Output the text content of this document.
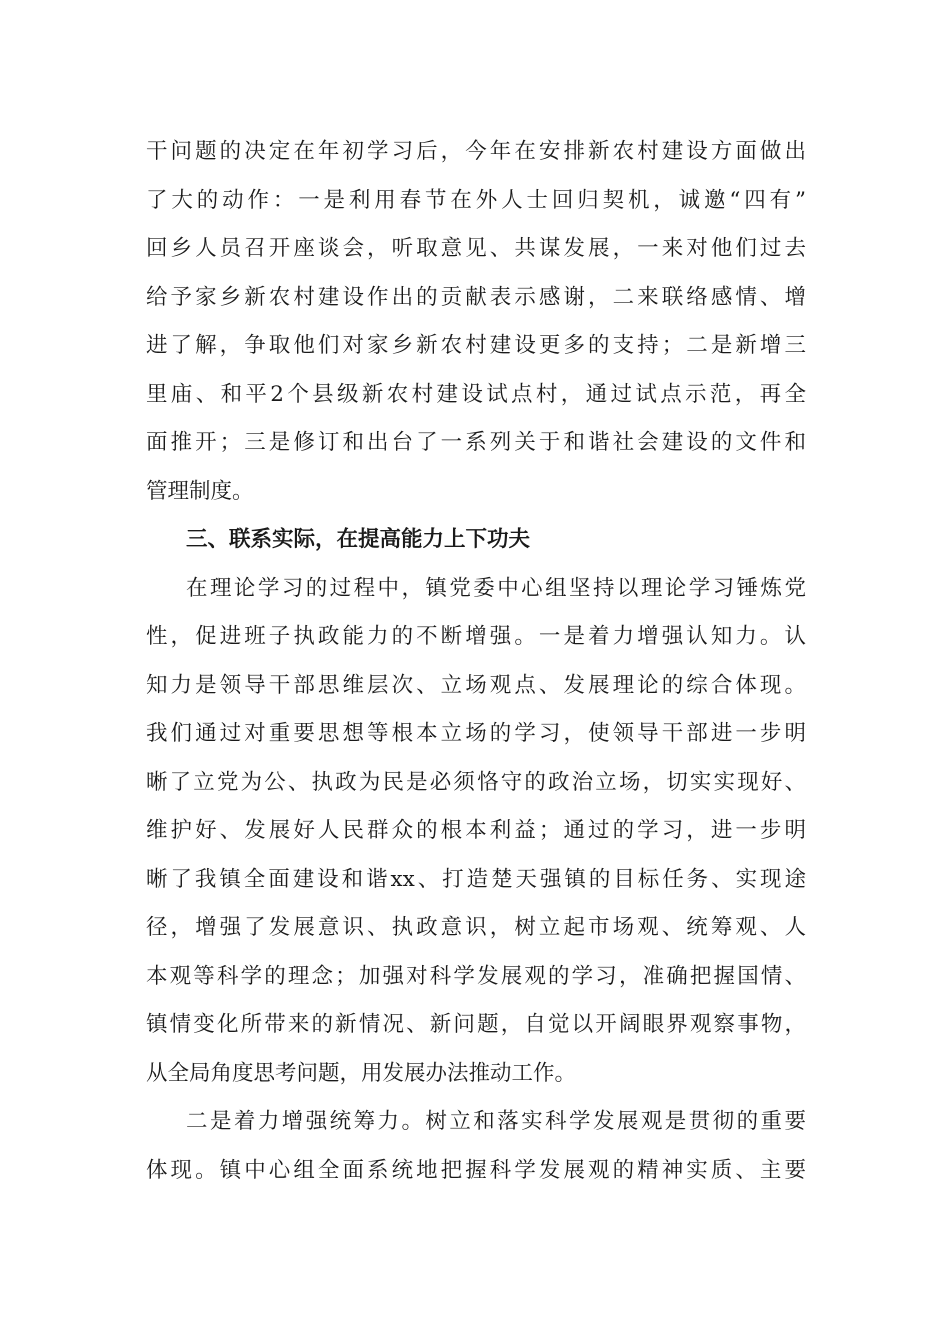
干问题的决定在年初学习后，今年在安排新农村建设方面做出
了大的动作：一是利用春节在外人士回归契机，诚邀“四有”
回乡人员召开座谈会，听取意见、共谋发展，一来对他们过去
给予家乡新农村建设作出的贡献表示感谢，二来联络感情、增
进了解，争取他们对家乡新农村建设更多的支持；二是新增三
里庙、和平2个县级新农村建设试点村，通过试点示范，再全
面推开；三是修订和出台了一系列关于和谐社会建设的文件和
管理制度。
三、联系实际，在提高能力上下功夫
在理论学习的过程中，镇党委中心组坚持以理论学习锤炼党
性，促进班子执政能力的不断增强。一是着力增强认知力。认
知力是领导干部思维层次、立场观点、发展理论的综合体现。
我们通过对重要思想等根本立场的学习，使领导干部进一步明
晰了立党为公、执政为民是必须恪守的政治立场，切实实现好、
维护好、发展好人民群众的根本利益；通过的学习，进一步明
晰了我镇全面建设和谐xx、打造楚天强镇的目标任务、实现途
径，增强了发展意识、执政意识，树立起市场观、统筹观、人
本观等科学的理念；加强对科学发展观的学习，准确把握国情、
镇情变化所带来的新情况、新问题，自觉以开阔眼界观察事物，
从全局角度思考问题，用发展办法推动工作。
二是着力增强统筹力。树立和落实科学发展观是贯彻的重要
体现。镇中心组全面系统地把握科学发展观的精神实质、主要
